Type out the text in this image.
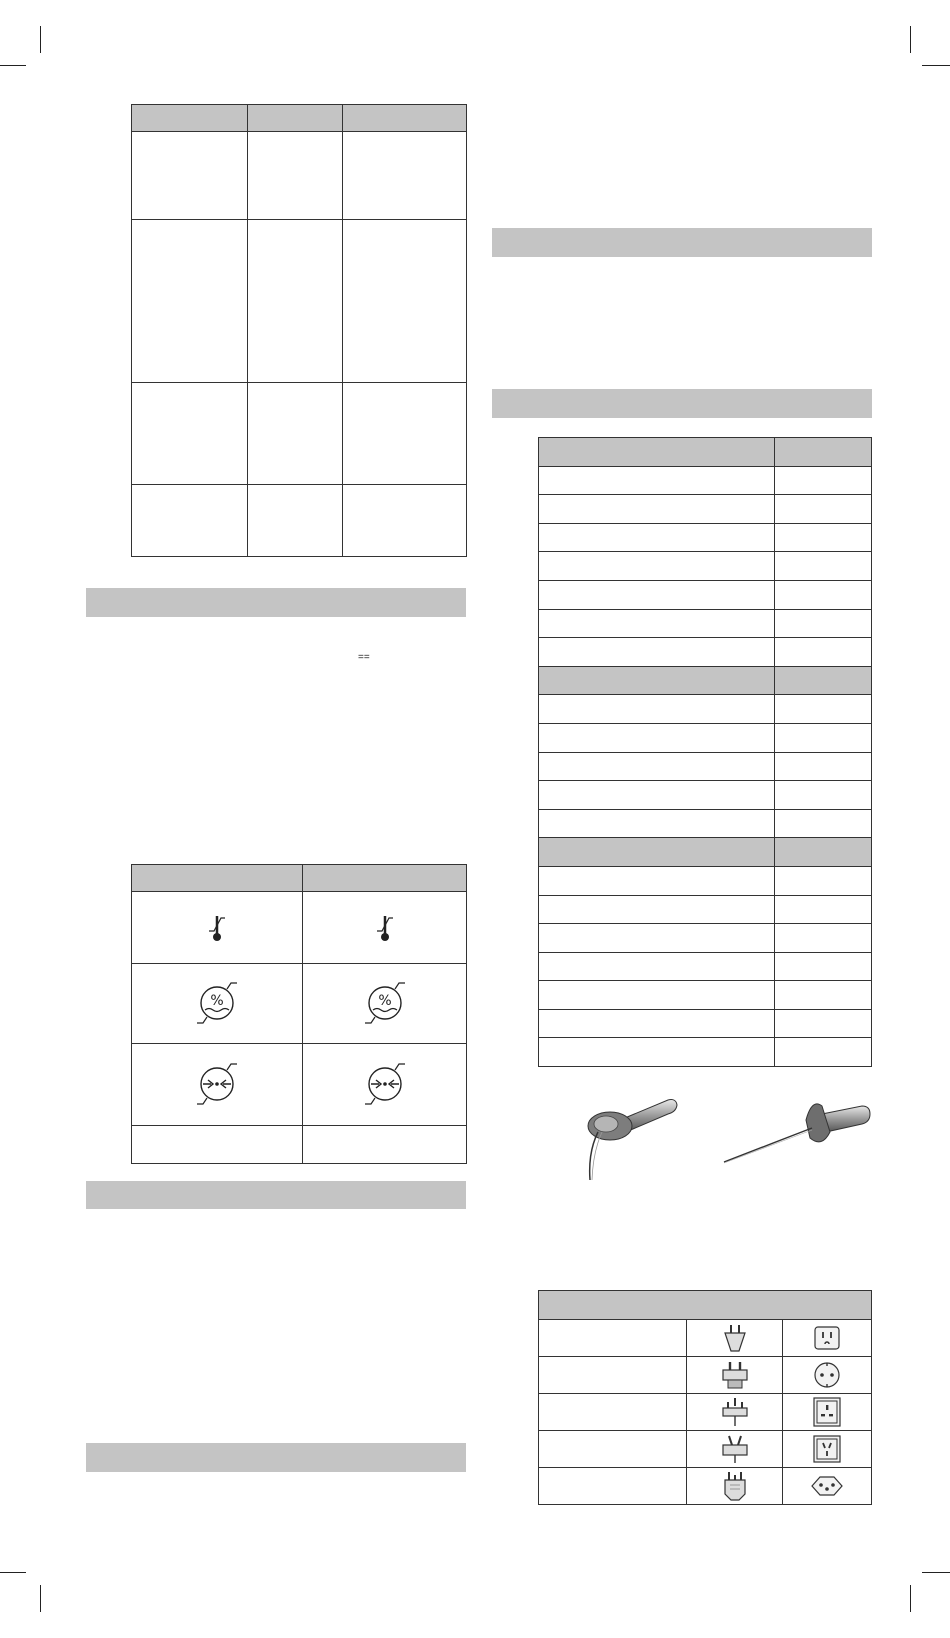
==

%	%
